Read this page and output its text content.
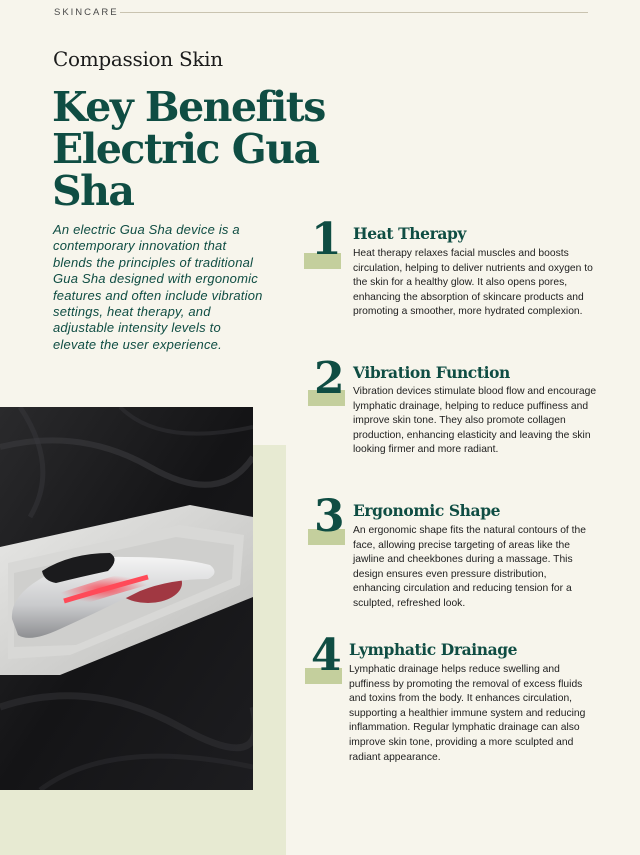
SKINCARE
Compassion Skin
Key Benefits
Electric Gua
Sha
An electric Gua Sha device is a contemporary innovation that blends the principles of traditional Gua Sha designed with ergonomic features and often include vibration settings, heat therapy, and adjustable intensity levels to elevate the user experience.
1 Heat Therapy
Heat therapy relaxes facial muscles and boosts circulation, helping to deliver nutrients and oxygen to the skin for a healthy glow. It also opens pores, enhancing the absorption of skincare products and promoting a smoother, more hydrated complexion.
2 Vibration Function
Vibration devices stimulate blood flow and encourage lymphatic drainage, helping to reduce puffiness and improve skin tone. They also promote collagen production, enhancing elasticity and leaving the skin looking firmer and more radiant.
3 Ergonomic Shape
An ergonomic shape fits the natural contours of the face, allowing precise targeting of areas like the jawline and cheekbones during a massage. This design ensures even pressure distribution, enhancing circulation and reducing tension for a sculpted, refreshed look.
4 Lymphatic Drainage
Lymphatic drainage helps reduce swelling and puffiness by promoting the removal of excess fluids and toxins from the body. It enhances circulation, supporting a healthier immune system and reducing inflammation. Regular lymphatic drainage can also improve skin tone, providing a more sculpted and radiant appearance.
